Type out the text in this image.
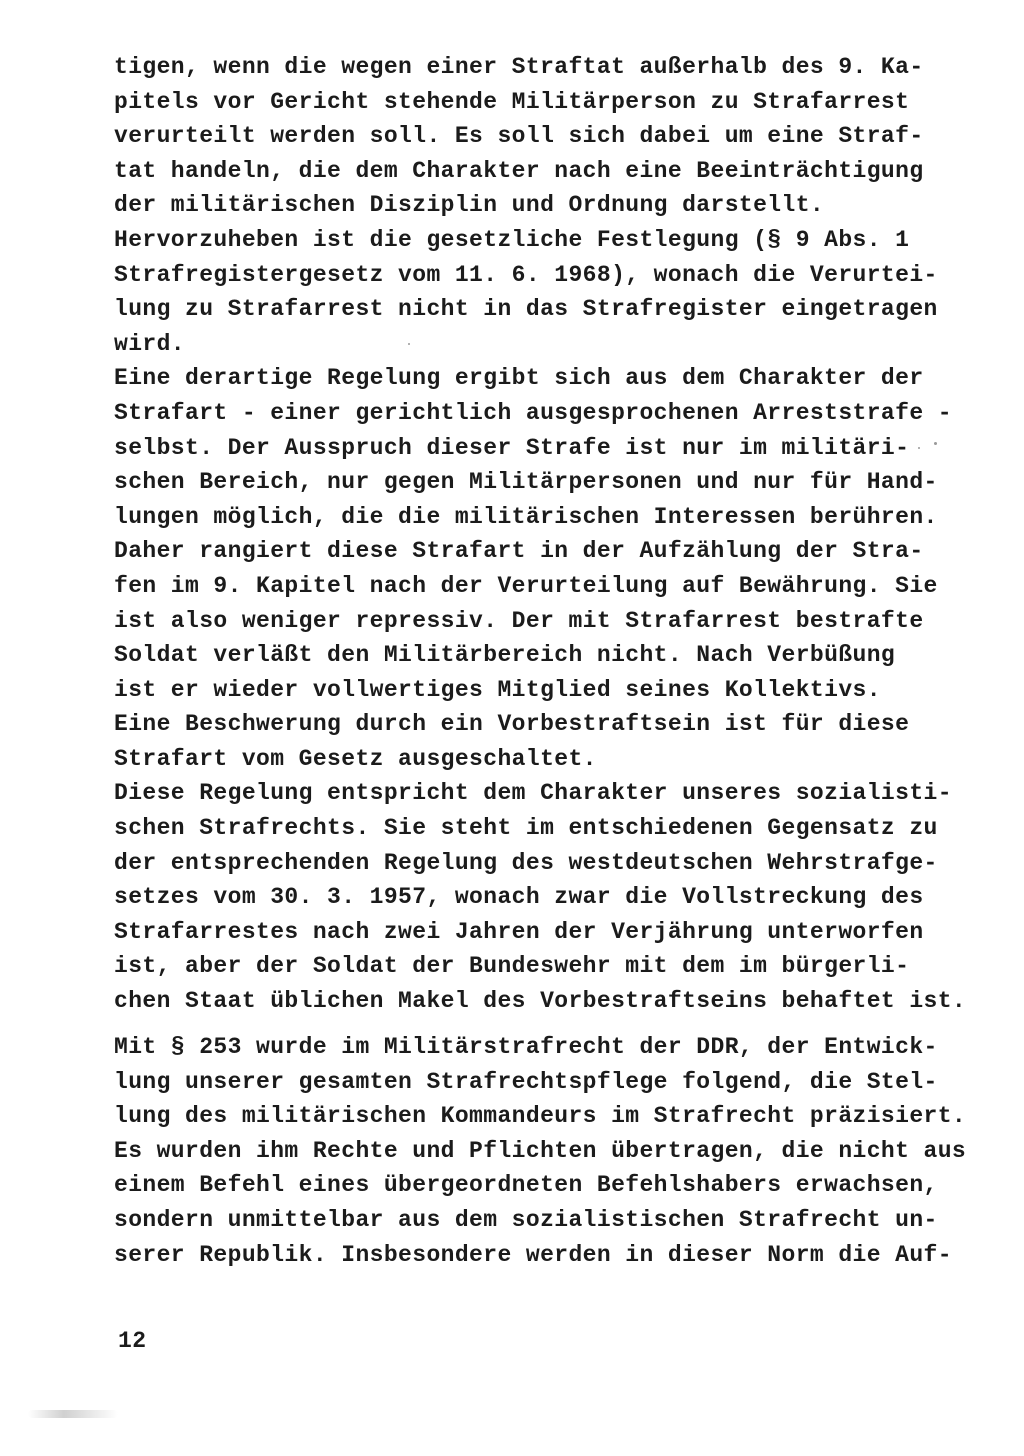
tigen, wenn die wegen einer Straftat außerhalb des 9. Ka-
pitels vor Gericht stehende Militärperson zu Strafarrest
verurteilt werden soll. Es soll sich dabei um eine Straf-
tat handeln, die dem Charakter nach eine Beeinträchtigung
der militärischen Disziplin und Ordnung darstellt.
Hervorzuheben ist die gesetzliche Festlegung (§ 9 Abs. 1
Strafregistergesetz vom 11. 6. 1968), wonach die Verurtei-
lung zu Strafarrest nicht in das Strafregister eingetragen
wird.
Eine derartige Regelung ergibt sich aus dem Charakter der
Strafart - einer gerichtlich ausgesprochenen Arreststrafe -
selbst. Der Ausspruch dieser Strafe ist nur im militäri-
schen Bereich, nur gegen Militärpersonen und nur für Hand-
lungen möglich, die die militärischen Interessen berühren.
Daher rangiert diese Strafart in der Aufzählung der Stra-
fen im 9. Kapitel nach der Verurteilung auf Bewährung. Sie
ist also weniger repressiv. Der mit Strafarrest bestrafte
Soldat verläßt den Militärbereich nicht. Nach Verbüßung
ist er wieder vollwertiges Mitglied seines Kollektivs.
Eine Beschwerung durch ein Vorbestraftsein ist für diese
Strafart vom Gesetz ausgeschaltet.
Diese Regelung entspricht dem Charakter unseres sozialisti-
schen Strafrechts. Sie steht im entschiedenen Gegensatz zu
der entsprechenden Regelung des westdeutschen Wehrstrafge-
setzes vom 30. 3. 1957, wonach zwar die Vollstreckung des
Strafarrestes nach zwei Jahren der Verjährung unterworfen
ist, aber der Soldat der Bundeswehr mit dem im bürgerli-
chen Staat üblichen Makel des Vorbestraftseins behaftet ist.
Mit § 253 wurde im Militärstrafrecht der DDR, der Entwick-
lung unserer gesamten Strafrechtspflege folgend, die Stel-
lung des militärischen Kommandeurs im Strafrecht präzisiert.
Es wurden ihm Rechte und Pflichten übertragen, die nicht aus
einem Befehl eines übergeordneten Befehlshabers erwachsen,
sondern unmittelbar aus dem sozialistischen Strafrecht un-
serer Republik. Insbesondere werden in dieser Norm die Auf-
12
